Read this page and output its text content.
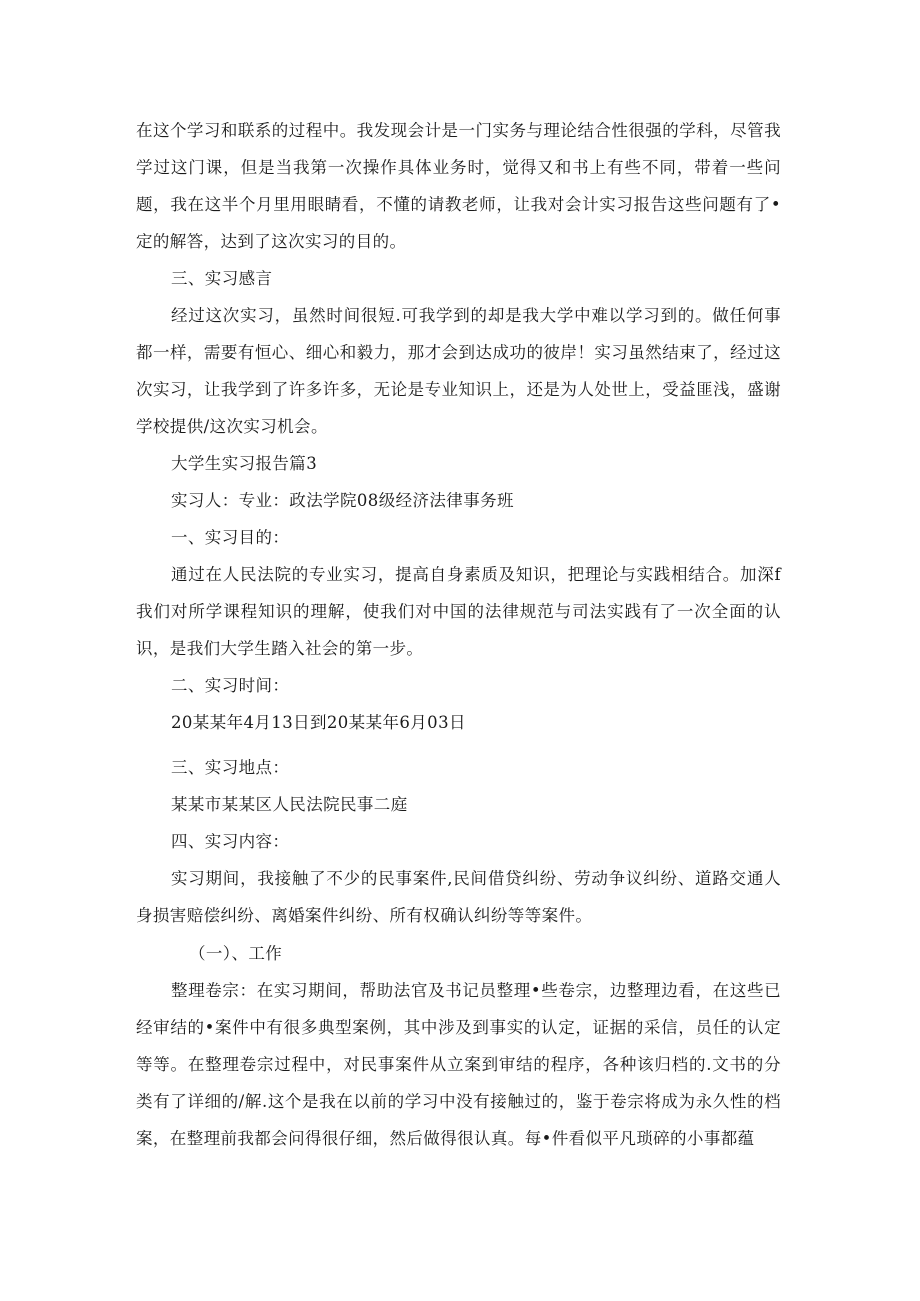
在这个学习和联系的过程中。我发现会计是一门实务与理论结合性很强的学科，尽管我学过这门课，但是当我第一次操作具体业务时，觉得又和书上有些不同，带着一些问题，我在这半个月里用眼睛看，不懂的请教老师，让我对会计实习报告这些问题有了•定的解答，达到了这次实习的目的。

三、实习感言

经过这次实习，虽然时间很短.可我学到的却是我大学中难以学习到的。做任何事都一样，需要有恒心、细心和毅力，那才会到达成功的彼岸！实习虽然结束了，经过这次实习，让我学到了许多许多，无论是专业知识上，还是为人处世上，受益匪浅，盛谢学校提供/这次实习机会。

大学生实习报告篇3

实习人：专业：政法学院08级经济法律事务班

一、实习目的：

通过在人民法院的专业实习，提高自身素质及知识，把理论与实践相结合。加深f我们对所学课程知识的理解，使我们对中国的法律规范与司法实践有了一次全面的认识，是我们大学生踏入社会的第一步。

二、实习时间：

20某某年4月13日到20某某年6月03日

三、实习地点：

某某市某某区人民法院民事二庭

四、实习内容：

实习期间，我接触了不少的民事案件,民间借贷纠纷、劳动争议纠纷、道路交通人身损害赔偿纠纷、离婚案件纠纷、所有权确认纠纷等等案件。

（一）、工作

整理卷宗：在实习期间，帮助法官及书记员整理•些卷宗，边整理边看，在这些已经审结的•案件中有很多典型案例，其中涉及到事实的认定，证据的采信，员任的认定等等。在整理卷宗过程中，对民事案件从立案到审结的程序，各种该归档的.文书的分类有了详细的/解.这个是我在以前的学习中没有接触过的，鉴于卷宗将成为永久性的档案，在整理前我都会问得很仔细，然后做得很认真。每•件看似平凡琐碎的小事都蕴
